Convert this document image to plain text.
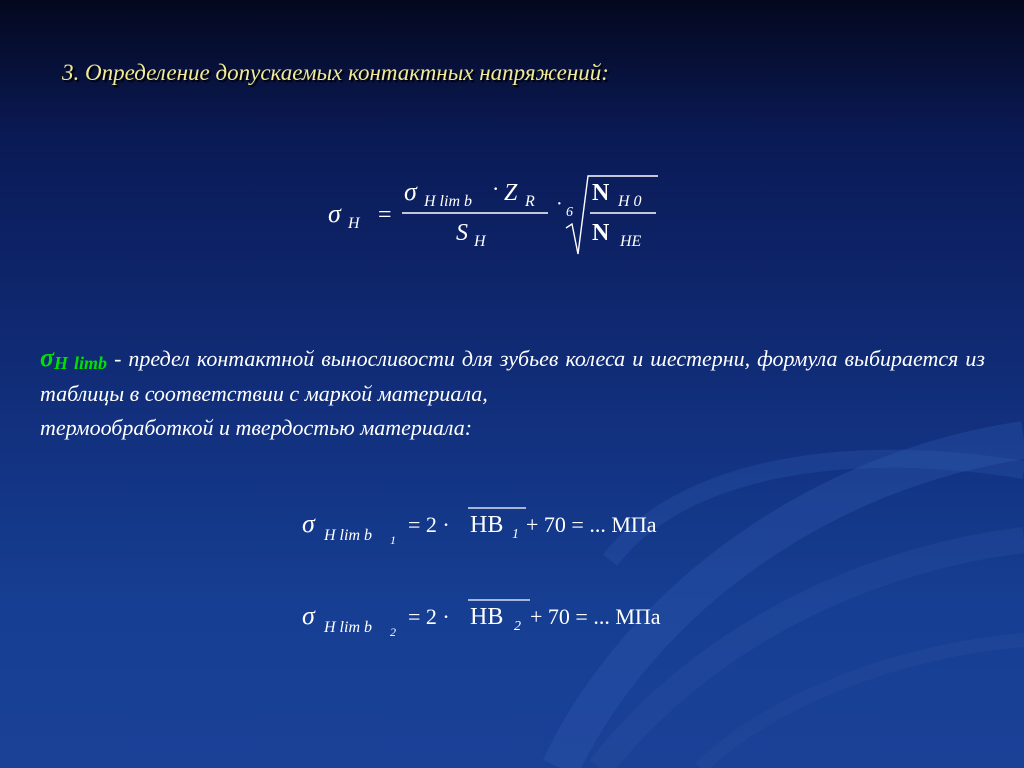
3. Определение допускаемых контактных напряжений:
σ H =
σ H lim b
· Z R
S H
· 6
N H 0
N HE
σH limb - предел контактной выносливости для зубьев колеса и шестерни, формула выбирается из таблицы в соответствии с маркой материала,
термообработкой и твердостью материала:
σ H lim b 1
= 2 · HB 1 + 70 = ... МПа
σ H lim b 2
= 2 · HB 2 + 70 = ... МПа
